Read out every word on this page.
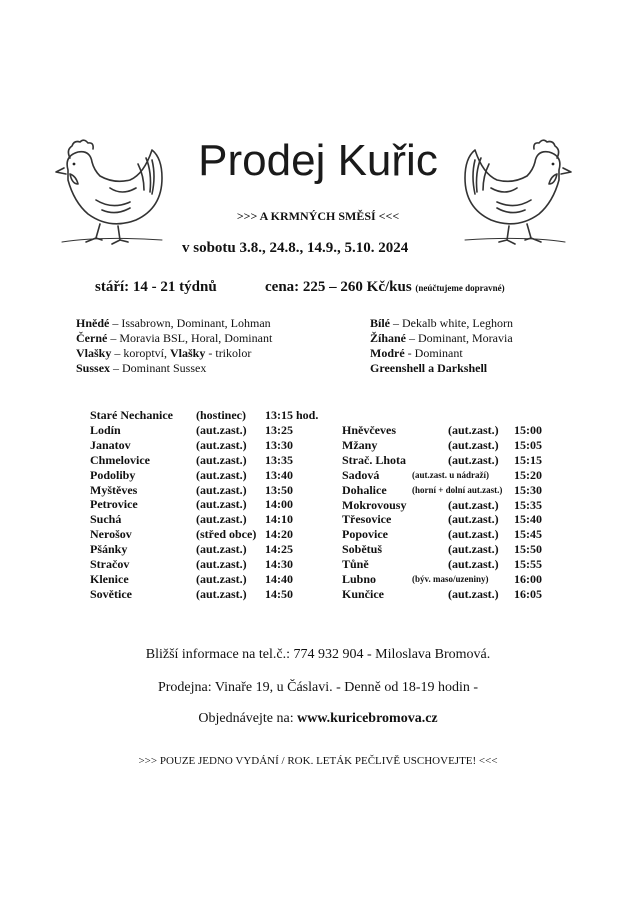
Prodej Kuřic
>>> A KRMNÝCH SMĚSÍ <<<
v sobotu 3.8., 24.8., 14.9., 5.10. 2024
stáří: 14 - 21 týdnů	cena: 225 – 260 Kč/kus (neúčtujeme dopravné)
Hnědé – Issabrown, Dominant, Lohman
Černé – Moravia BSL, Horal, Dominant
Vlašky – koroptví, Vlašky - trikolor
Sussex – Dominant Sussex
Bílé – Dekalb white, Leghorn
Žíhané – Dominant, Moravia
Modré - Dominant
Greenshell a Darkshell
Staré Nechanice (hostinec) 13:15 hod.
Lodín	(aut.zast.) 13:25
Janatov	(aut.zast.) 13:30
Chmelovice	(aut.zast.) 13:35
Podoliby	(aut.zast.) 13:40
Myštěves	(aut.zast.) 13:50
Petrovice	(aut.zast.) 14:00
Suchá	(aut.zast.) 14:10
Nerošov	(střed obce) 14:20
Pšánky	(aut.zast.) 14:25
Stračov	(aut.zast.) 14:30
Klenice	(aut.zast.) 14:40
Sovětice	(aut.zast.) 14:50
Hněvčeves	(aut.zast.) 15:00
Mžany	(aut.zast.) 15:05
Strač. Lhota	(aut.zast.) 15:15
Sadová	(aut.zast. u nádraží) 15:20
Dohalice	(horní + dolní aut.zast.) 15:30
Mokrovousy	(aut.zast.) 15:35
Třesovice	(aut.zast.) 15:40
Popovice	(aut.zast.) 15:45
Sobětuš	(aut.zast.) 15:50
Tůně	(aut.zast.) 15:55
Lubno	(býv. maso/uzeniny) 16:00
Kunčice	(aut.zast.) 16:05
Bližší informace na tel.č.: 774 932 904 - Miloslava Bromová.
Prodejna: Vinaře 19, u Čáslavi. - Denně od 18-19 hodin -
Objednávejte na: www.kuricebromova.cz
>>> POUZE JEDNO VYDÁNÍ / ROK. LETÁK PEČLIVĚ USCHOVEJTE! <<<
